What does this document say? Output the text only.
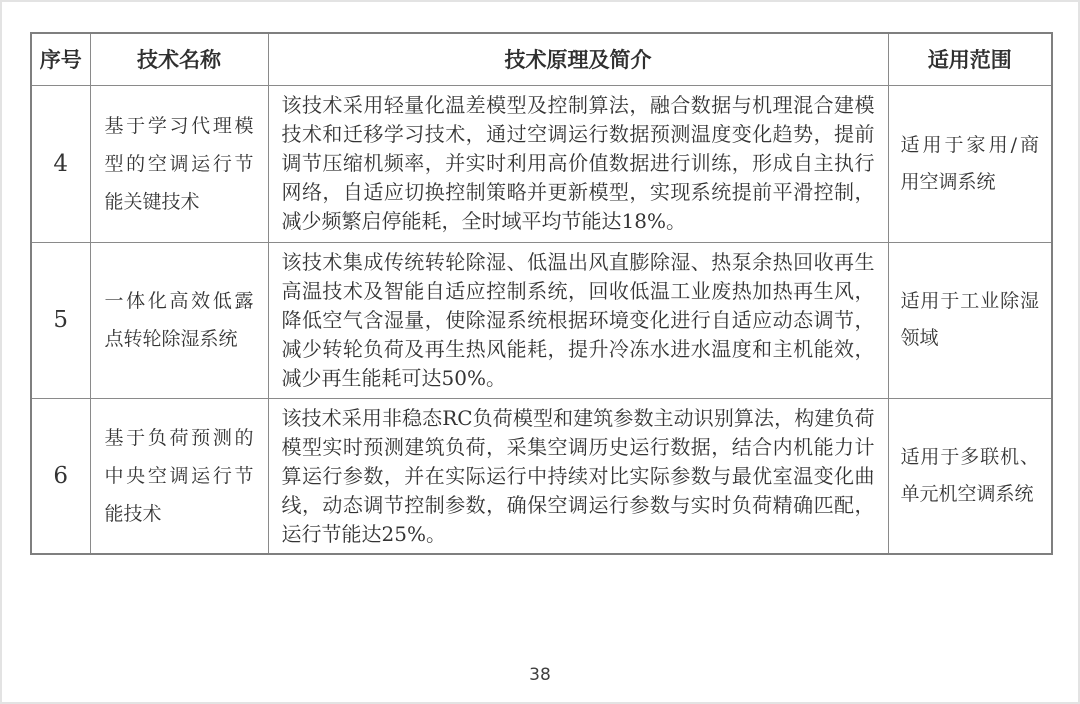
序号	技术名称	技术原理及简介	适用范围
4	基于学习代理模型的空调运行节能关键技术	该技术采用轻量化温差模型及控制算法，融合数据与机理混合建模技术和迁移学习技术，通过空调运行数据预测温度变化趋势，提前调节压缩机频率，并实时利用高价值数据进行训练，形成自主执行网络，自适应切换控制策略并更新模型，实现系统提前平滑控制，减少频繁启停能耗，全时域平均节能达18%。	适用于家用/商用空调系统
5	一体化高效低露点转轮除湿系统	该技术集成传统转轮除湿、低温出风直膨除湿、热泵余热回收再生高温技术及智能自适应控制系统，回收低温工业废热加热再生风，降低空气含湿量，使除湿系统根据环境变化进行自适应动态调节，减少转轮负荷及再生热风能耗，提升冷冻水进水温度和主机能效，减少再生能耗可达50%。	适用于工业除湿领域
6	基于负荷预测的中央空调运行节能技术	该技术采用非稳态RC负荷模型和建筑参数主动识别算法，构建负荷模型实时预测建筑负荷，采集空调历史运行数据，结合内机能力计算运行参数，并在实际运行中持续对比实际参数与最优室温变化曲线，动态调节控制参数，确保空调运行参数与实时负荷精确匹配，运行节能达25%。	适用于多联机、单元机空调系统
38
